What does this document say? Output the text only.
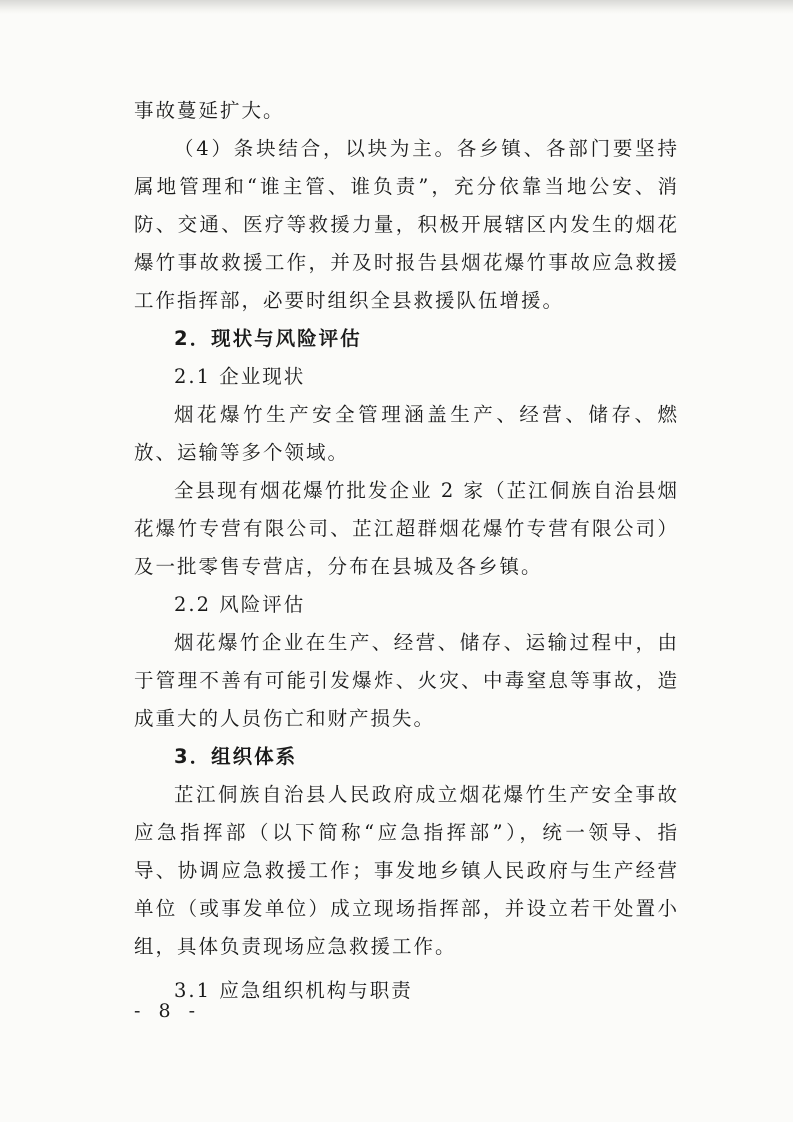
事故蔓延扩大。

（4）条块结合，以块为主。各乡镇、各部门要坚持属地管理和“谁主管、谁负责”，充分依靠当地公安、消防、交通、医疗等救援力量，积极开展辖区内发生的烟花爆竹事故救援工作，并及时报告县烟花爆竹事故应急救援工作指挥部，必要时组织全县救援队伍增援。

2．现状与风险评估

2.1 企业现状

烟花爆竹生产安全管理涵盖生产、经营、储存、燃放、运输等多个领域。

全县现有烟花爆竹批发企业 2 家（芷江侗族自治县烟花爆竹专营有限公司、芷江超群烟花爆竹专营有限公司）及一批零售专营店，分布在县城及各乡镇。

2.2 风险评估

烟花爆竹企业在生产、经营、储存、运输过程中，由于管理不善有可能引发爆炸、火灾、中毒窒息等事故，造成重大的人员伤亡和财产损失。

3．组织体系

芷江侗族自治县人民政府成立烟花爆竹生产安全事故应急指挥部（以下简称“应急指挥部”），统一领导、指导、协调应急救援工作；事发地乡镇人民政府与生产经营单位（或事发单位）成立现场指挥部，并设立若干处置小组，具体负责现场应急救援工作。

3.1 应急组织机构与职责

- 8 -
